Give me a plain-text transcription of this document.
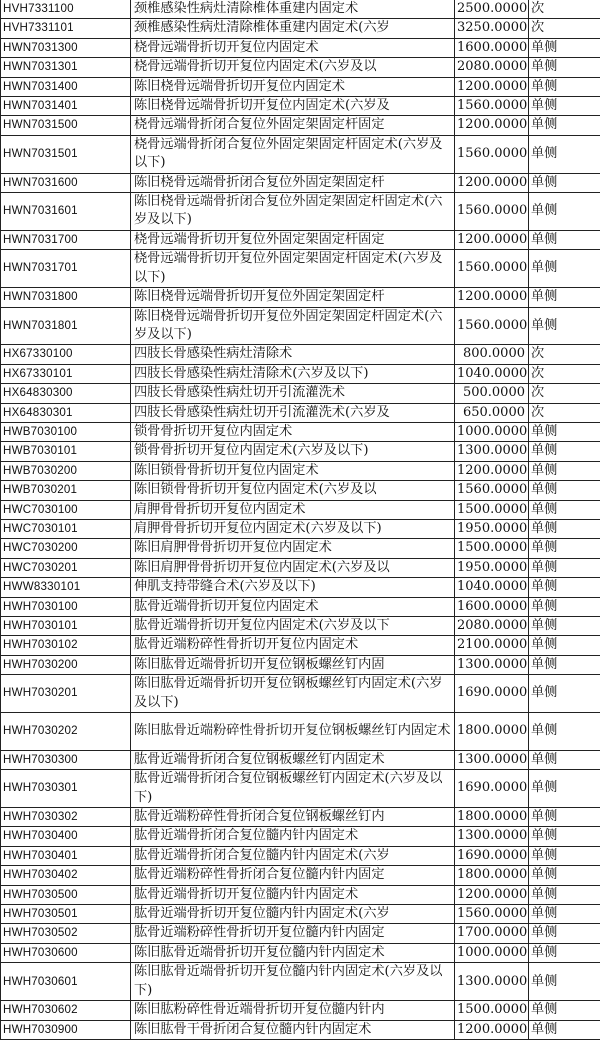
HVH7331100	颈椎感染性病灶清除椎体重建内固定术	2500.0000	次
HVH7331101	颈椎感染性病灶清除椎体重建内固定术(六岁	3250.0000	次
HWN7031300	桡骨远端骨折切开复位内固定术	1600.0000	单侧
HWN7031301	桡骨远端骨折切开复位内固定术(六岁及以	2080.0000	单侧
HWN7031400	陈旧桡骨远端骨折切开复位内固定术	1200.0000	单侧
HWN7031401	陈旧桡骨远端骨折切开复位内固定术(六岁及	1560.0000	单侧
HWN7031500	桡骨远端骨折闭合复位外固定架固定杆固定	1200.0000	单侧
HWN7031501	桡骨远端骨折闭合复位外固定架固定杆固定术(六岁及以下)	1560.0000	单侧
HWN7031600	陈旧桡骨远端骨折闭合复位外固定架固定杆	1200.0000	单侧
HWN7031601	陈旧桡骨远端骨折闭合复位外固定架固定杆固定术(六岁及以下)	1560.0000	单侧
HWN7031700	桡骨远端骨折切开复位外固定架固定杆固定	1200.0000	单侧
HWN7031701	桡骨远端骨折切开复位外固定架固定杆固定术(六岁及以下)	1560.0000	单侧
HWN7031800	陈旧桡骨远端骨折切开复位外固定架固定杆	1200.0000	单侧
HWN7031801	陈旧桡骨远端骨折切开复位外固定架固定杆固定术(六岁及以下)	1560.0000	单侧
HX67330100	四肢长骨感染性病灶清除术	800.0000	次
HX67330101	四肢长骨感染性病灶清除术(六岁及以下)	1040.0000	次
HX64830300	四肢长骨感染性病灶切开引流灌洗术	500.0000	次
HX64830301	四肢长骨感染性病灶切开引流灌洗术(六岁及	650.0000	次
HWB7030100	锁骨骨折切开复位内固定术	1000.0000	单侧
HWB7030101	锁骨骨折切开复位内固定术(六岁及以下)	1300.0000	单侧
HWB7030200	陈旧锁骨骨折切开复位内固定术	1200.0000	单侧
HWB7030201	陈旧锁骨骨折切开复位内固定术(六岁及以	1560.0000	单侧
HWC7030100	肩胛骨骨折切开复位内固定术	1500.0000	单侧
HWC7030101	肩胛骨骨折切开复位内固定术(六岁及以下)	1950.0000	单侧
HWC7030200	陈旧肩胛骨骨折切开复位内固定术	1500.0000	单侧
HWC7030201	陈旧肩胛骨骨折切开复位内固定术(六岁及以	1950.0000	单侧
HWW8330101	伸肌支持带缝合术(六岁及以下)	1040.0000	单侧
HWH7030100	肱骨近端骨折切开复位内固定术	1600.0000	单侧
HWH7030101	肱骨近端骨折切开复位内固定术(六岁及以下	2080.0000	单侧
HWH7030102	肱骨近端粉碎性骨折切开复位内固定术	2100.0000	单侧
HWH7030200	陈旧肱骨近端骨折切开复位钢板螺丝钉内固	1300.0000	单侧
HWH7030201	陈旧肱骨近端骨折切开复位钢板螺丝钉内固定术(六岁及以下)	1690.0000	单侧
HWH7030202	陈旧肱骨近端粉碎性骨折切开复位钢板螺丝钉内固定术	1800.0000	单侧
HWH7030300	肱骨近端骨折闭合复位钢板螺丝钉内固定术	1300.0000	单侧
HWH7030301	肱骨近端骨折闭合复位钢板螺丝钉内固定术(六岁及以下)	1690.0000	单侧
HWH7030302	肱骨近端粉碎性骨折闭合复位钢板螺丝钉内	1800.0000	单侧
HWH7030400	肱骨近端骨折闭合复位髓内针内固定术	1300.0000	单侧
HWH7030401	肱骨近端骨折闭合复位髓内针内固定术(六岁	1690.0000	单侧
HWH7030402	肱骨近端粉碎性骨折闭合复位髓内针内固定	1800.0000	单侧
HWH7030500	肱骨近端骨折切开复位髓内针内固定术	1200.0000	单侧
HWH7030501	肱骨近端骨折切开复位髓内针内固定术(六岁	1560.0000	单侧
HWH7030502	肱骨近端粉碎性骨折切开复位髓内针内固定	1700.0000	单侧
HWH7030600	陈旧肱骨近端骨折切开复位髓内针内固定术	1000.0000	单侧
HWH7030601	陈旧肱骨近端骨折切开复位髓内针内固定术(六岁及以下)	1300.0000	单侧
HWH7030602	陈旧肱粉碎性骨近端骨折切开复位髓内针内	1500.0000	单侧
HWH7030900	陈旧肱骨干骨折闭合复位髓内针内固定术	1200.0000	单侧
